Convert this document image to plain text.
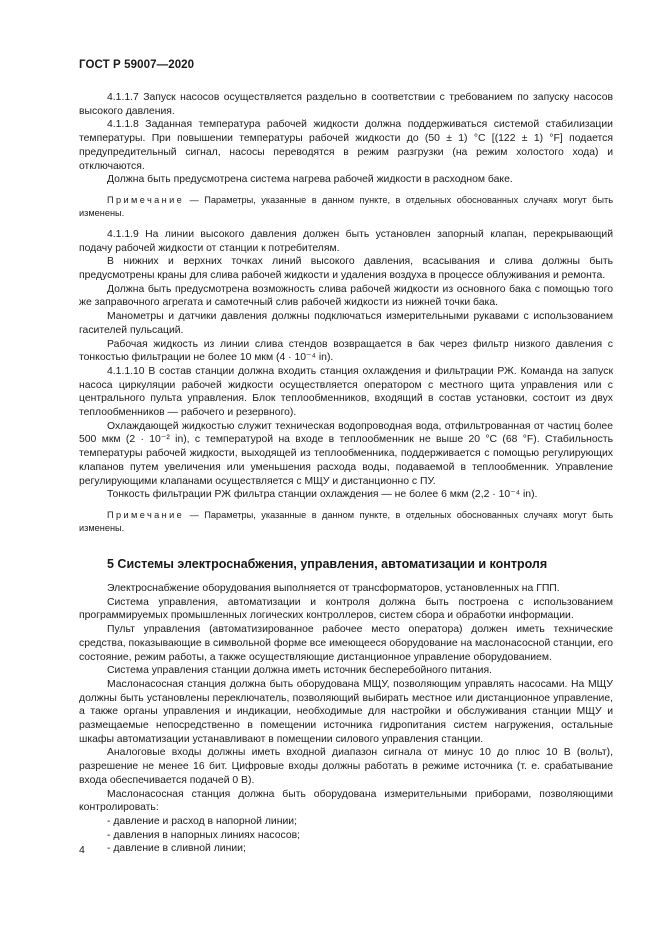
ГОСТ Р 59007—2020

4.1.1.7 Запуск насосов осуществляется раздельно в соответствии с требованием по запуску насосов высокого давления.

4.1.1.8 Заданная температура рабочей жидкости должна поддерживаться системой стабилизации температуры. При повышении температуры рабочей жидкости до (50 ± 1) °С [(122 ± 1) °F] подается предупредительный сигнал, насосы переводятся в режим разгрузки (на режим холостого хода) и отключаются.

Должна быть предусмотрена система нагрева рабочей жидкости в расходном баке.

Примечание — Параметры, указанные в данном пункте, в отдельных обоснованных случаях могут быть изменены.

4.1.1.9 На линии высокого давления должен быть установлен запорный клапан, перекрывающий подачу рабочей жидкости от станции к потребителям.

В нижних и верхних точках линий высокого давления, всасывания и слива должны быть предусмотрены краны для слива рабочей жидкости и удаления воздуха в процессе облуживания и ремонта.

Должна быть предусмотрена возможность слива рабочей жидкости из основного бака с помощью того же заправочного агрегата и самотечный слив рабочей жидкости из нижней точки бака.

Манометры и датчики давления должны подключаться измерительными рукавами с использованием гасителей пульсаций.

Рабочая жидкость из линии слива стендов возвращается в бак через фильтр низкого давления с тонкостью фильтрации не более 10 мкм (4 · 10⁻⁴ in).

4.1.1.10 В состав станции должна входить станция охлаждения и фильтрации РЖ. Команда на запуск насоса циркуляции рабочей жидкости осуществляется оператором с местного щита управления или с центрального пульта управления. Блок теплообменников, входящий в состав установки, состоит из двух теплообменников — рабочего и резервного).

Охлаждающей жидкостью служит техническая водопроводная вода, отфильтрованная от частиц более 500 мкм (2 · 10⁻² in), с температурой на входе в теплообменник не выше 20 °С (68 °F). Стабильность температуры рабочей жидкости, выходящей из теплообменника, поддерживается с помощью регулирующих клапанов путем увеличения или уменьшения расхода воды, подаваемой в теплообменник. Управление регулирующими клапанами осуществляется с МЩУ и дистанционно с ПУ.

Тонкость фильтрации РЖ фильтра станции охлаждения — не более 6 мкм (2,2 · 10⁻⁴ in).

Примечание — Параметры, указанные в данном пункте, в отдельных обоснованных случаях могут быть изменены.

5 Системы электроснабжения, управления, автоматизации и контроля

Электроснабжение оборудования выполняется от трансформаторов, установленных на ГПП.

Система управления, автоматизации и контроля должна быть построена с использованием программируемых промышленных логических контроллеров, систем сбора и обработки информации.

Пульт управления (автоматизированное рабочее место оператора) должен иметь технические средства, показывающие в символьной форме все имеющееся оборудование на маслонасосной станции, его состояние, режим работы, а также осуществляющие дистанционное управление оборудованием.

Система управления станции должна иметь источник бесперебойного питания.

Маслонасосная станция должна быть оборудована МЩУ, позволяющим управлять насосами. На МЩУ должны быть установлены переключатель, позволяющий выбирать местное или дистанционное управление, а также органы управления и индикации, необходимые для настройки и обслуживания станции МЩУ и размещаемые непосредственно в помещении источника гидропитания систем нагружения, остальные шкафы автоматизации устанавливают в помещении силового управления станции.

Аналоговые входы должны иметь входной диапазон сигнала от минус 10 до плюс 10 В (вольт), разрешение не менее 16 бит. Цифровые входы должны работать в режиме источника (т. е. срабатывание входа обеспечивается подачей 0 В).

Маслонасосная станция должна быть оборудована измерительными приборами, позволяющими контролировать:

- давление и расход в напорной линии;
- давления в напорных линиях насосов;
- давление в сливной линии;
4
